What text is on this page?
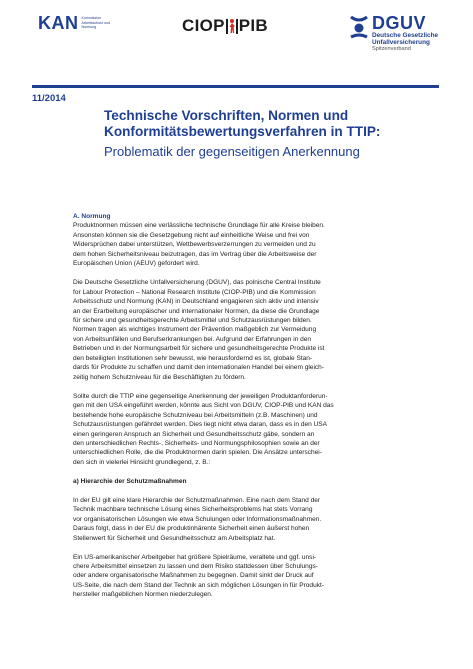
KAN Kommission
Arbeitsschutz und
Normung	CIOP PIB	DGUV
Deutsche Gesetzliche
Unfallversicherung
Spitzenverband
11/2014
Technische Vorschriften, Normen und
Konformitätsbewertungsverfahren in TTIP:
Problematik der gegenseitigen Anerkennung
A. Normung

Produktnormen müssen eine verlässliche technische Grundlage für alle Kreise bleiben.
Ansonsten können sie die Gesetzgebung nicht auf einheitliche Weise und frei von
Widersprüchen dabei unterstützen, Wettbewerbsverzerrungen zu vermeiden und zu
dem hohen Sicherheitsniveau beizutragen, das im Vertrag über die Arbeitsweise der
Europäischen Union (AEUV) gefordert wird.

Die Deutsche Gesetzliche Unfallversicherung (DGUV), das polnische Central Institute
for Labour Protection – National Research Institute (CIOP-PIB) und die Kommission
Arbeitsschutz und Normung (KAN) in Deutschland engagieren sich aktiv und intensiv
an der Erarbeitung europäischer und internationaler Normen, da diese die Grundlage
für sichere und gesundheitsgerechte Arbeitsmittel und Schutzausrüstungen bilden.
Normen tragen als wichtiges Instrument der Prävention maßgeblich zur Vermeidung
von Arbeitsunfällen und Berufserkrankungen bei. Aufgrund der Erfahrungen in den
Betrieben und in der Normungsarbeit für sichere und gesundheitsgerechte Produkte ist
den beteiligten Institutionen sehr bewusst, wie herausfordernd es ist, globale Stan-
dards für Produkte zu schaffen und damit den internationalen Handel bei einem gleich-
zeitig hohem Schutzniveau für die Beschäftigten zu fördern.

Sollte durch die TTIP eine gegenseitige Anerkennung der jeweiligen Produktanforderun-
gen mit den USA eingeführt werden, könnte aus Sicht von DGUV, CIOP-PIB und KAN das
bestehende hohe europäische Schutzniveau bei Arbeitsmitteln (z.B. Maschinen) und
Schutzausrüstungen gefährdet werden. Dies liegt nicht etwa daran, dass es in den USA
einen geringeren Anspruch an Sicherheit und Gesundheitsschutz gäbe, sondern an
den unterschiedlichen Rechts-, Sicherheits- und Normungsphilosophien sowie an der
unterschiedlichen Rolle, die die Produktnormen darin spielen. Die Ansätze unterschei-
den sich in vielerlei Hinsicht grundlegend, z. B.:

a) Hierarchie der Schutzmaßnahmen

In der EU gilt eine klare Hierarchie der Schutzmaßnahmen. Eine nach dem Stand der
Technik machbare technische Lösung eines Sicherheitsproblems hat stets Vorrang
vor organisatorischen Lösungen wie etwa Schulungen oder Informationsmaßnahmen.
Daraus folgt, dass in der EU die produktinhärente Sicherheit einen äußerst hohen
Stellenwert für Sicherheit und Gesundheitsschutz am Arbeitsplatz hat.

Ein US-amerikanischer Arbeitgeber hat größere Spielräume, veraltete und ggf. unsi-
chere Arbeitsmittel einsetzen zu lassen und dem Risiko stattdessen über Schulungs-
oder andere organisatorische Maßnahmen zu begegnen. Damit sinkt der Druck auf
US-Seite, die nach dem Stand der Technik an sich möglichen Lösungen in für Produkt-
hersteller maßgeblichen Normen niederzulegen.
